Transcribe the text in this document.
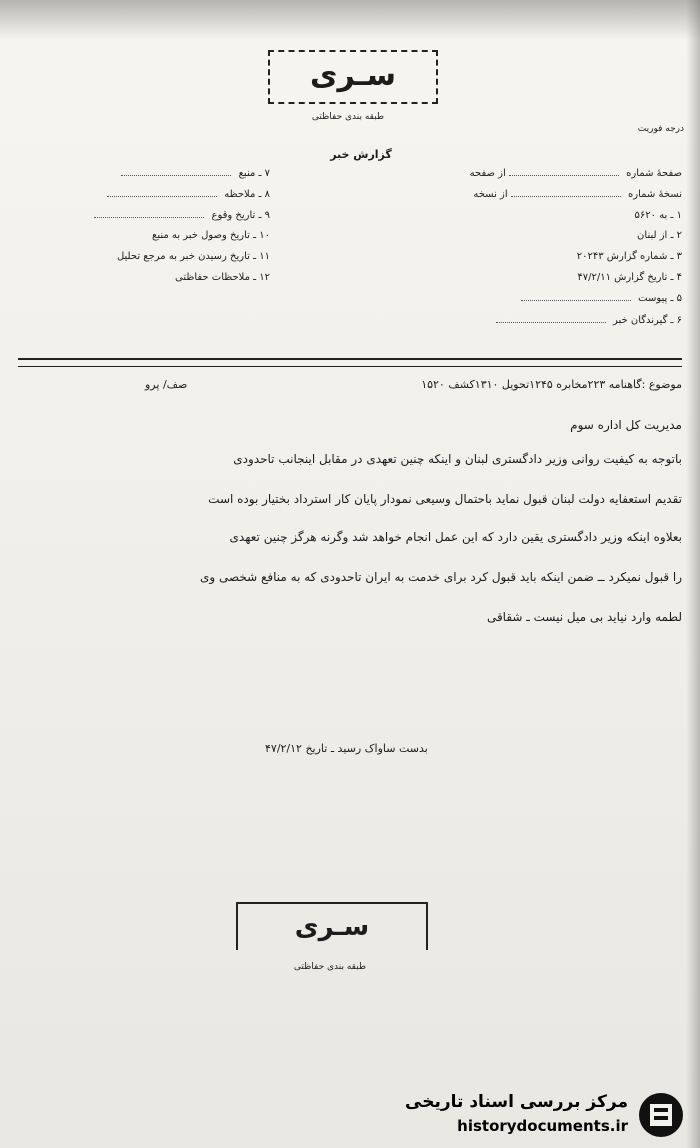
سـری
طبقه بندی حفاظتی
درجه فوریت
گزارش خبر
صفحهٔ شماره  از صفحه
نسخهٔ شماره  از نسخه
۱ ـ به ۵۶۲۰
۲ ـ از لبنان
۳ ـ شماره گزارش ۲۰۲۴۳
۴ ـ تاریخ گزارش ۴۷/۲/۱۱
۵ ـ پیوست
۶ ـ گیرندگان خبر
۷ ـ منبع
۸ ـ ملاحظه
۹ ـ تاریخ وقوع
۱۰ ـ تاریخ وصول خبر به منبع
۱۱ ـ تاریخ رسیدن خبر به مرجع تحلیل
۱۲ ـ ملاحظات حفاظتی
موضوع :گاهنامه ۲۲۳مخابره ۱۲۴۵تحویل ۱۳۱۰کشف ۱۵۲۰
صف/ پرو
مدیریت کل اداره سوم
باتوجه به کیفیت روانی وزیر دادگستری لبنان و اینکه چنین تعهدی در مقابل اینجانب تاحدودی
تقدیم استعفایه دولت لبنان قبول نماید باحتمال وسیعی نمودار پایان کار استرداد بختیار بوده است
بعلاوه اینکه وزیر دادگستری یقین دارد که این عمل انجام خواهد شد وگرنه هرگز چنین تعهدی
را قبول نمیکرد ــ ضمن اینکه باید قبول کرد برای خدمت به ایران تاحدودی که به منافع شخصی وی
لطمه وارد نیاید بی میل نیست ـ شقاقی
بدست ساواک رسید ـ تاریخ ۴۷/۲/۱۲
سـری
طبقه بندی حفاظتی
مرکز بررسی اسناد تاریخی
historydocuments.ir
